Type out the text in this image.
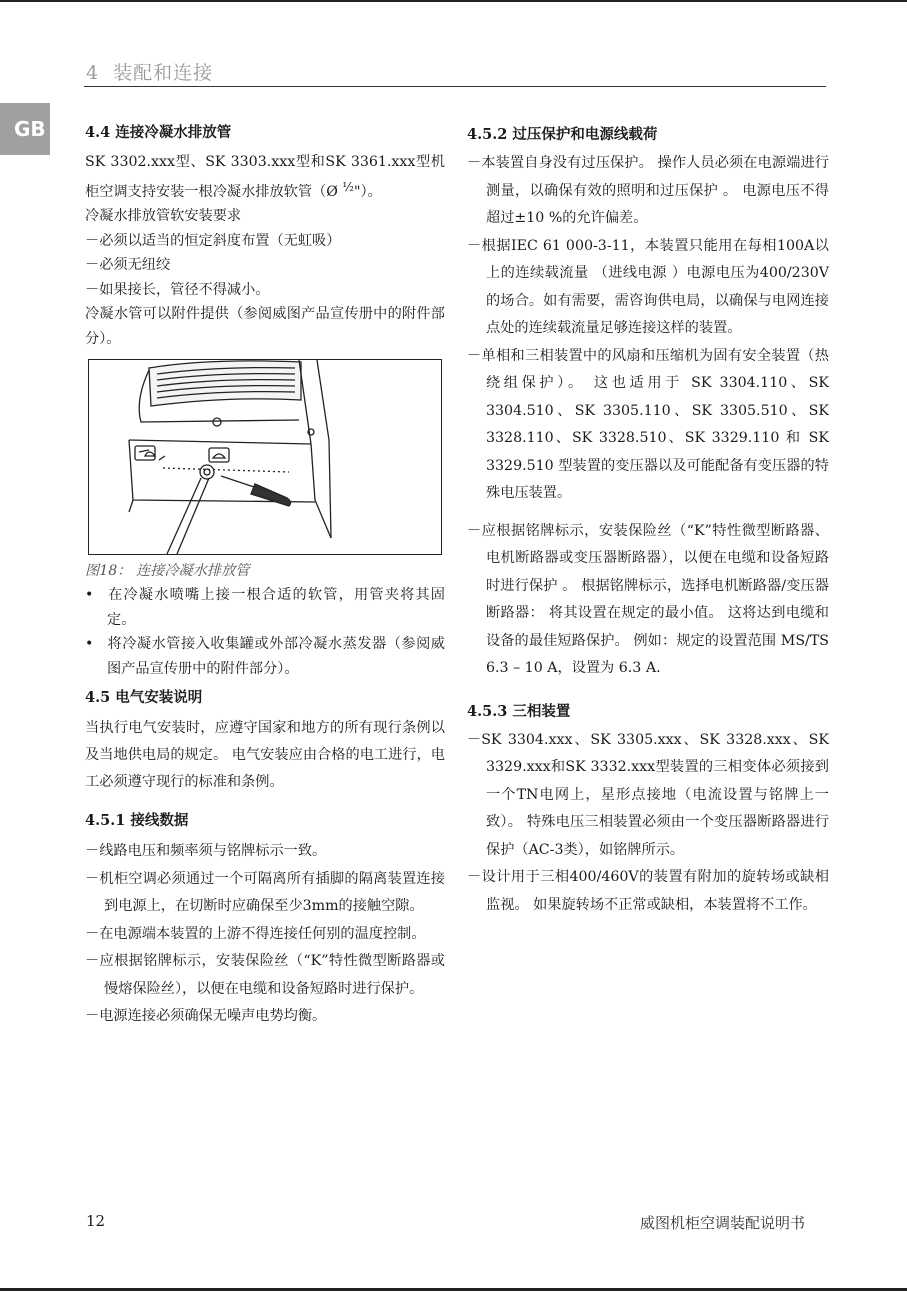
4 装配和连接
GB	4.4 连接冷凝水排放管

SK 3302.xxx型、SK 3303.xxx型和SK 3361.xxx型机柜空调支持安装一根冷凝水排放软管（Ø $^{\frac{1}{2}}$"）。

冷凝水排放管软安装要求

－必须以适当的恒定斜度布置（无虹吸）

－必须无纽绞

－如果接长，管径不得减小。

冷凝水管可以附件提供（参阅威图产品宣传册中的附件部分）。

图18： 连接冷凝水排放管

• 在冷凝水喷嘴上接一根合适的软管，用管夹将其固定。
• 将冷凝水管接入收集罐或外部冷凝水蒸发器（参阅威图产品宣传册中的附件部分）。
4.5 电气安装说明

当执行电气安装时，应遵守国家和地方的所有现行条例以及当地供电局的规定。 电气安装应由合格的电工进行，电工必须遵守现行的标准和条例。

4.5.1 接线数据

－线路电压和频率须与铭牌标示一致。

－机柜空调必须通过一个可隔离所有插脚的隔离装置连接到电源上，在切断时应确保至少3mm的接触空隙。

－在电源端本装置的上游不得连接任何别的温度控制。

－应根据铭牌标示，安装保险丝（“K”特性微型断路器或慢熔保险丝），以便在电缆和设备短路时进行保护。

－电源连接必须确保无噪声电势均衡。

4.5.2 过压保护和电源线载荷

－本装置自身没有过压保护。 操作人员必须在电源端进行测量，以确保有效的照明和过压保护 。 电源电压不得超过±10 %的允许偏差。

－根据IEC 61 000-3-11，本装置只能用在每相100A以上的连续载流量 （进线电源 ）电源电压为400/230V的场合。如有需要，需咨询供电局，以确保与电网连接点处的连续载流量足够连接这样的装置。

－单相和三相装置中的风扇和压缩机为固有安全装置（热绕组保护）。 这也适用于 SK 3304.110、SK 3304.510、SK 3305.110、SK 3305.510、SK 3328.110、SK 3328.510、SK 3329.110 和 SK 3329.510 型装置的变压器以及可能配备有变压器的特殊电压装置。

－应根据铭牌标示，安装保险丝（“K”特性微型断路器、电机断路器或变压器断路器），以便在电缆和设备短路时进行保护 。 根据铭牌标示，选择电机断路器/变压器断路器： 将其设置在规定的最小值。 这将达到电缆和设备的最佳短路保护。 例如：规定的设置范围 MS/TS 6.3 – 10 A，设置为 6.3 A.

4.5.3 三相装置

－SK 3304.xxx、SK 3305.xxx、SK 3328.xxx、SK 3329.xxx和SK 3332.xxx型装置的三相变体必须接到一个TN电网上，星形点接地（电流设置与铭牌上一致）。 特殊电压三相装置必须由一个变压器断路器进行保护（AC-3类），如铭牌所示。

－设计用于三相400/460V的装置有附加的旋转场或缺相监视。 如果旋转场不正常或缺相，本装置将不工作。

12	威图机柜空调装配说明书
